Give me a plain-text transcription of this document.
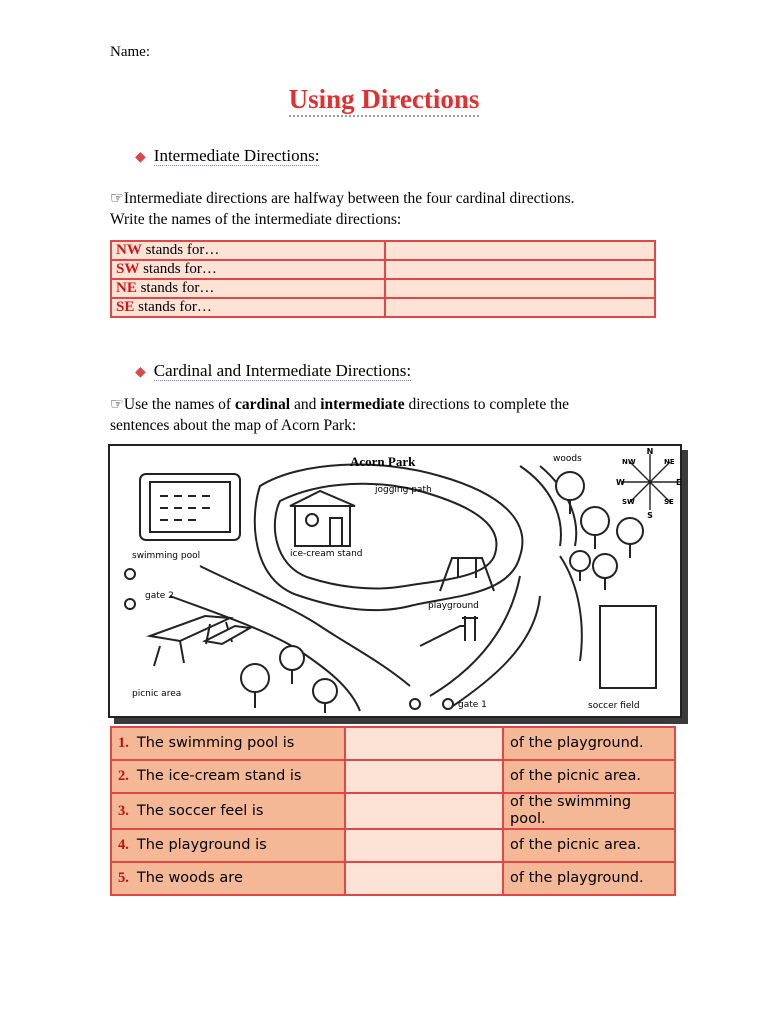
Name:
Using Directions
◆ Intermediate Directions:
☞Intermediate directions are halfway between the four cardinal directions.
Write the names of the intermediate directions:
NW stands for…	
SW stands for…	
NE stands for…	
SE stands for…	
◆ Cardinal and Intermediate Directions:
☞Use the names of cardinal and intermediate directions to complete the
sentences about the map of Acorn Park:
N
S
E
W
NW	NE
SW	SE
Acorn Park	woods
jogging path
swimming pool	ice-cream stand
gate 2
playground
picnic area
gate 1	soccer field
1. The swimming pool is		of the playground.
2. The ice-cream stand is		of the picnic area.
3. The soccer feel is		of the swimming pool.
4. The playground is		of the picnic area.
5. The woods are		of the playground.
